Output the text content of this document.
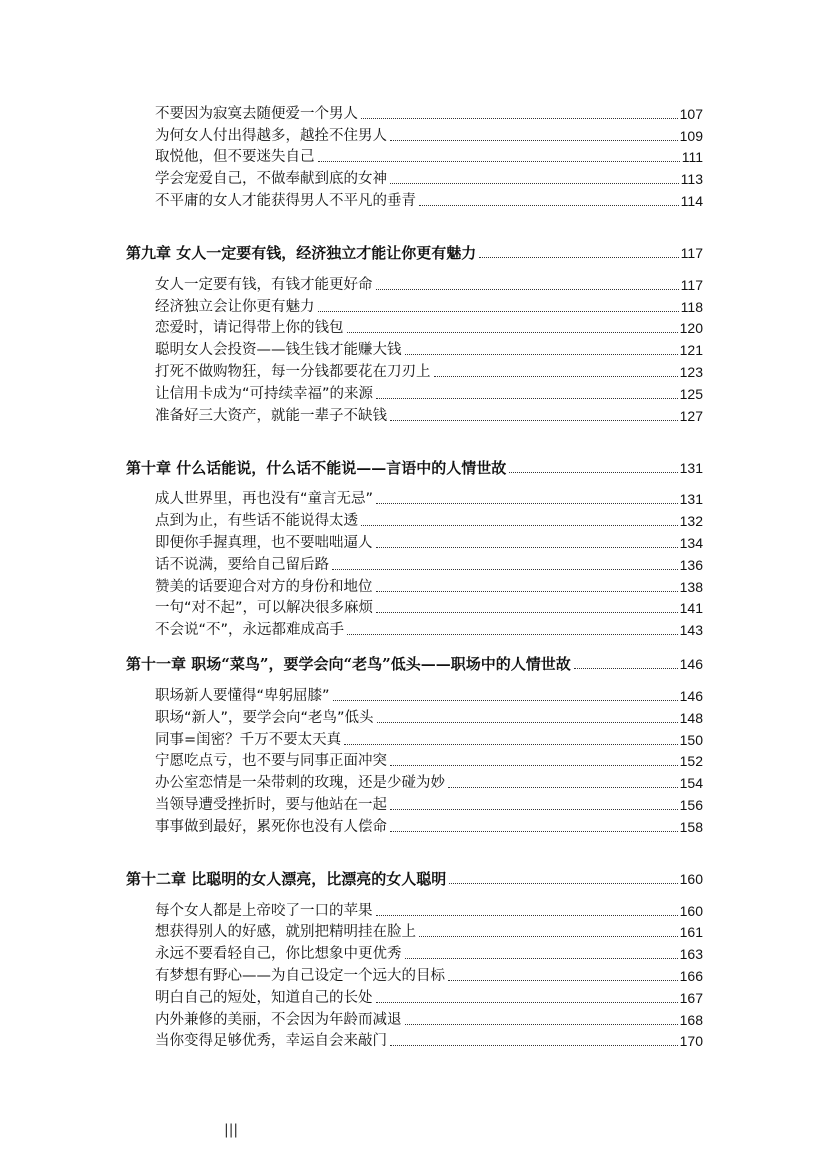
不要因为寂寞去随便爱一个男人	107
为何女人付出得越多，越拴不住男人	109
取悦他，但不要迷失自己	111
学会宠爱自己，不做奉献到底的女神	113
不平庸的女人才能获得男人不平凡的垂青	114
第九章 女人一定要有钱，经济独立才能让你更有魅力	117
女人一定要有钱，有钱才能更好命	117
经济独立会让你更有魅力	118
恋爱时，请记得带上你的钱包	120
聪明女人会投资——钱生钱才能赚大钱	121
打死不做购物狂，每一分钱都要花在刀刃上	123
让信用卡成为“可持续幸福”的来源	125
准备好三大资产，就能一辈子不缺钱	127
第十章 什么话能说，什么话不能说——言语中的人情世故	131
成人世界里，再也没有“童言无忌”	131
点到为止，有些话不能说得太透	132
即便你手握真理，也不要咄咄逼人	134
话不说满，要给自己留后路	136
赞美的话要迎合对方的身份和地位	138
一句“对不起”，可以解决很多麻烦	141
不会说“不”，永远都难成高手	143
第十一章 职场“菜鸟”，要学会向“老鸟”低头——职场中的人情世故	146
职场新人要懂得“卑躬屈膝”	146
职场“新人”，要学会向“老鸟”低头	148
同事=闺密？千万不要太天真	150
宁愿吃点亏，也不要与同事正面冲突	152
办公室恋情是一朵带刺的玫瑰，还是少碰为妙	154
当领导遭受挫折时，要与他站在一起	156
事事做到最好，累死你也没有人偿命	158
第十二章 比聪明的女人漂亮，比漂亮的女人聪明	160
每个女人都是上帝咬了一口的苹果	160
想获得别人的好感，就别把精明挂在脸上	161
永远不要看轻自己，你比想象中更优秀	163
有梦想有野心——为自己设定一个远大的目标	166
明白自己的短处，知道自己的长处	167
内外兼修的美丽，不会因为年龄而减退	168
当你变得足够优秀，幸运自会来敲门	170
|||
